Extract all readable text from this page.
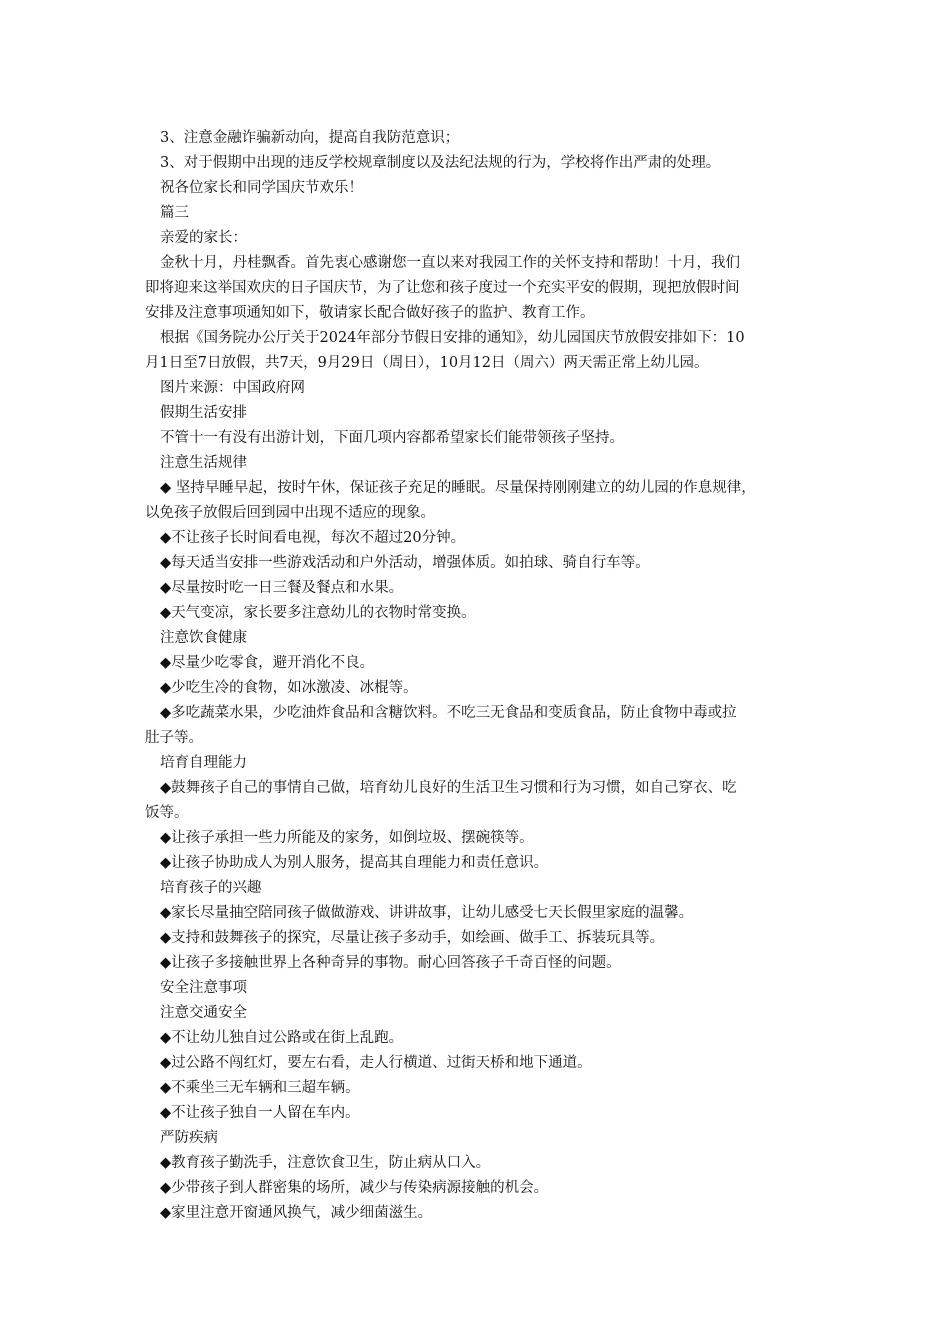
3、注意金融诈骗新动向，提高自我防范意识；

3、对于假期中出现的违反学校规章制度以及法纪法规的行为，学校将作出严肃的处理。

祝各位家长和同学国庆节欢乐！

篇三

亲爱的家长：

金秋十月，丹桂飘香。首先衷心感谢您一直以来对我园工作的关怀支持和帮助！十月，我们

即将迎来这举国欢庆的日子国庆节，为了让您和孩子度过一个充实平安的假期，现把放假时间

安排及注意事项通知如下，敬请家长配合做好孩子的监护、教育工作。

根据《国务院办公厅关于2024年部分节假日安排的通知》，幼儿园国庆节放假安排如下：10

月1日至7日放假，共7天，9月29日（周日），10月12日（周六）两天需正常上幼儿园。

图片来源：中国政府网

假期生活安排

不管十一有没有出游计划，下面几项内容都希望家长们能带领孩子坚持。

注意生活规律

◆ 坚持早睡早起，按时午休，保证孩子充足的睡眠。尽量保持刚刚建立的幼儿园的作息规律，

以免孩子放假后回到园中出现不适应的现象。

◆不让孩子长时间看电视，每次不超过20分钟。

◆每天适当安排一些游戏活动和户外活动，增强体质。如拍球、骑自行车等。

◆尽量按时吃一日三餐及餐点和水果。

◆天气变凉，家长要多注意幼儿的衣物时常变换。

注意饮食健康

◆尽量少吃零食，避开消化不良。

◆少吃生冷的食物，如冰激凌、冰棍等。

◆多吃蔬菜水果，少吃油炸食品和含糖饮料。不吃三无食品和变质食品，防止食物中毒或拉

肚子等。

培育自理能力

◆鼓舞孩子自己的事情自己做，培育幼儿良好的生活卫生习惯和行为习惯，如自己穿衣、吃

饭等。

◆让孩子承担一些力所能及的家务，如倒垃圾、摆碗筷等。

◆让孩子协助成人为别人服务，提高其自理能力和责任意识。

培育孩子的兴趣

◆家长尽量抽空陪同孩子做做游戏、讲讲故事，让幼儿感受七天长假里家庭的温馨。

◆支持和鼓舞孩子的探究，尽量让孩子多动手，如绘画、做手工、拆装玩具等。

◆让孩子多接触世界上各种奇异的事物。耐心回答孩子千奇百怪的问题。

安全注意事项

注意交通安全

◆不让幼儿独自过公路或在街上乱跑。

◆过公路不闯红灯，要左右看，走人行横道、过街天桥和地下通道。

◆不乘坐三无车辆和三超车辆。

◆不让孩子独自一人留在车内。

严防疾病

◆教育孩子勤洗手，注意饮食卫生，防止病从口入。

◆少带孩子到人群密集的场所，减少与传染病源接触的机会。

◆家里注意开窗通风换气，减少细菌滋生。
